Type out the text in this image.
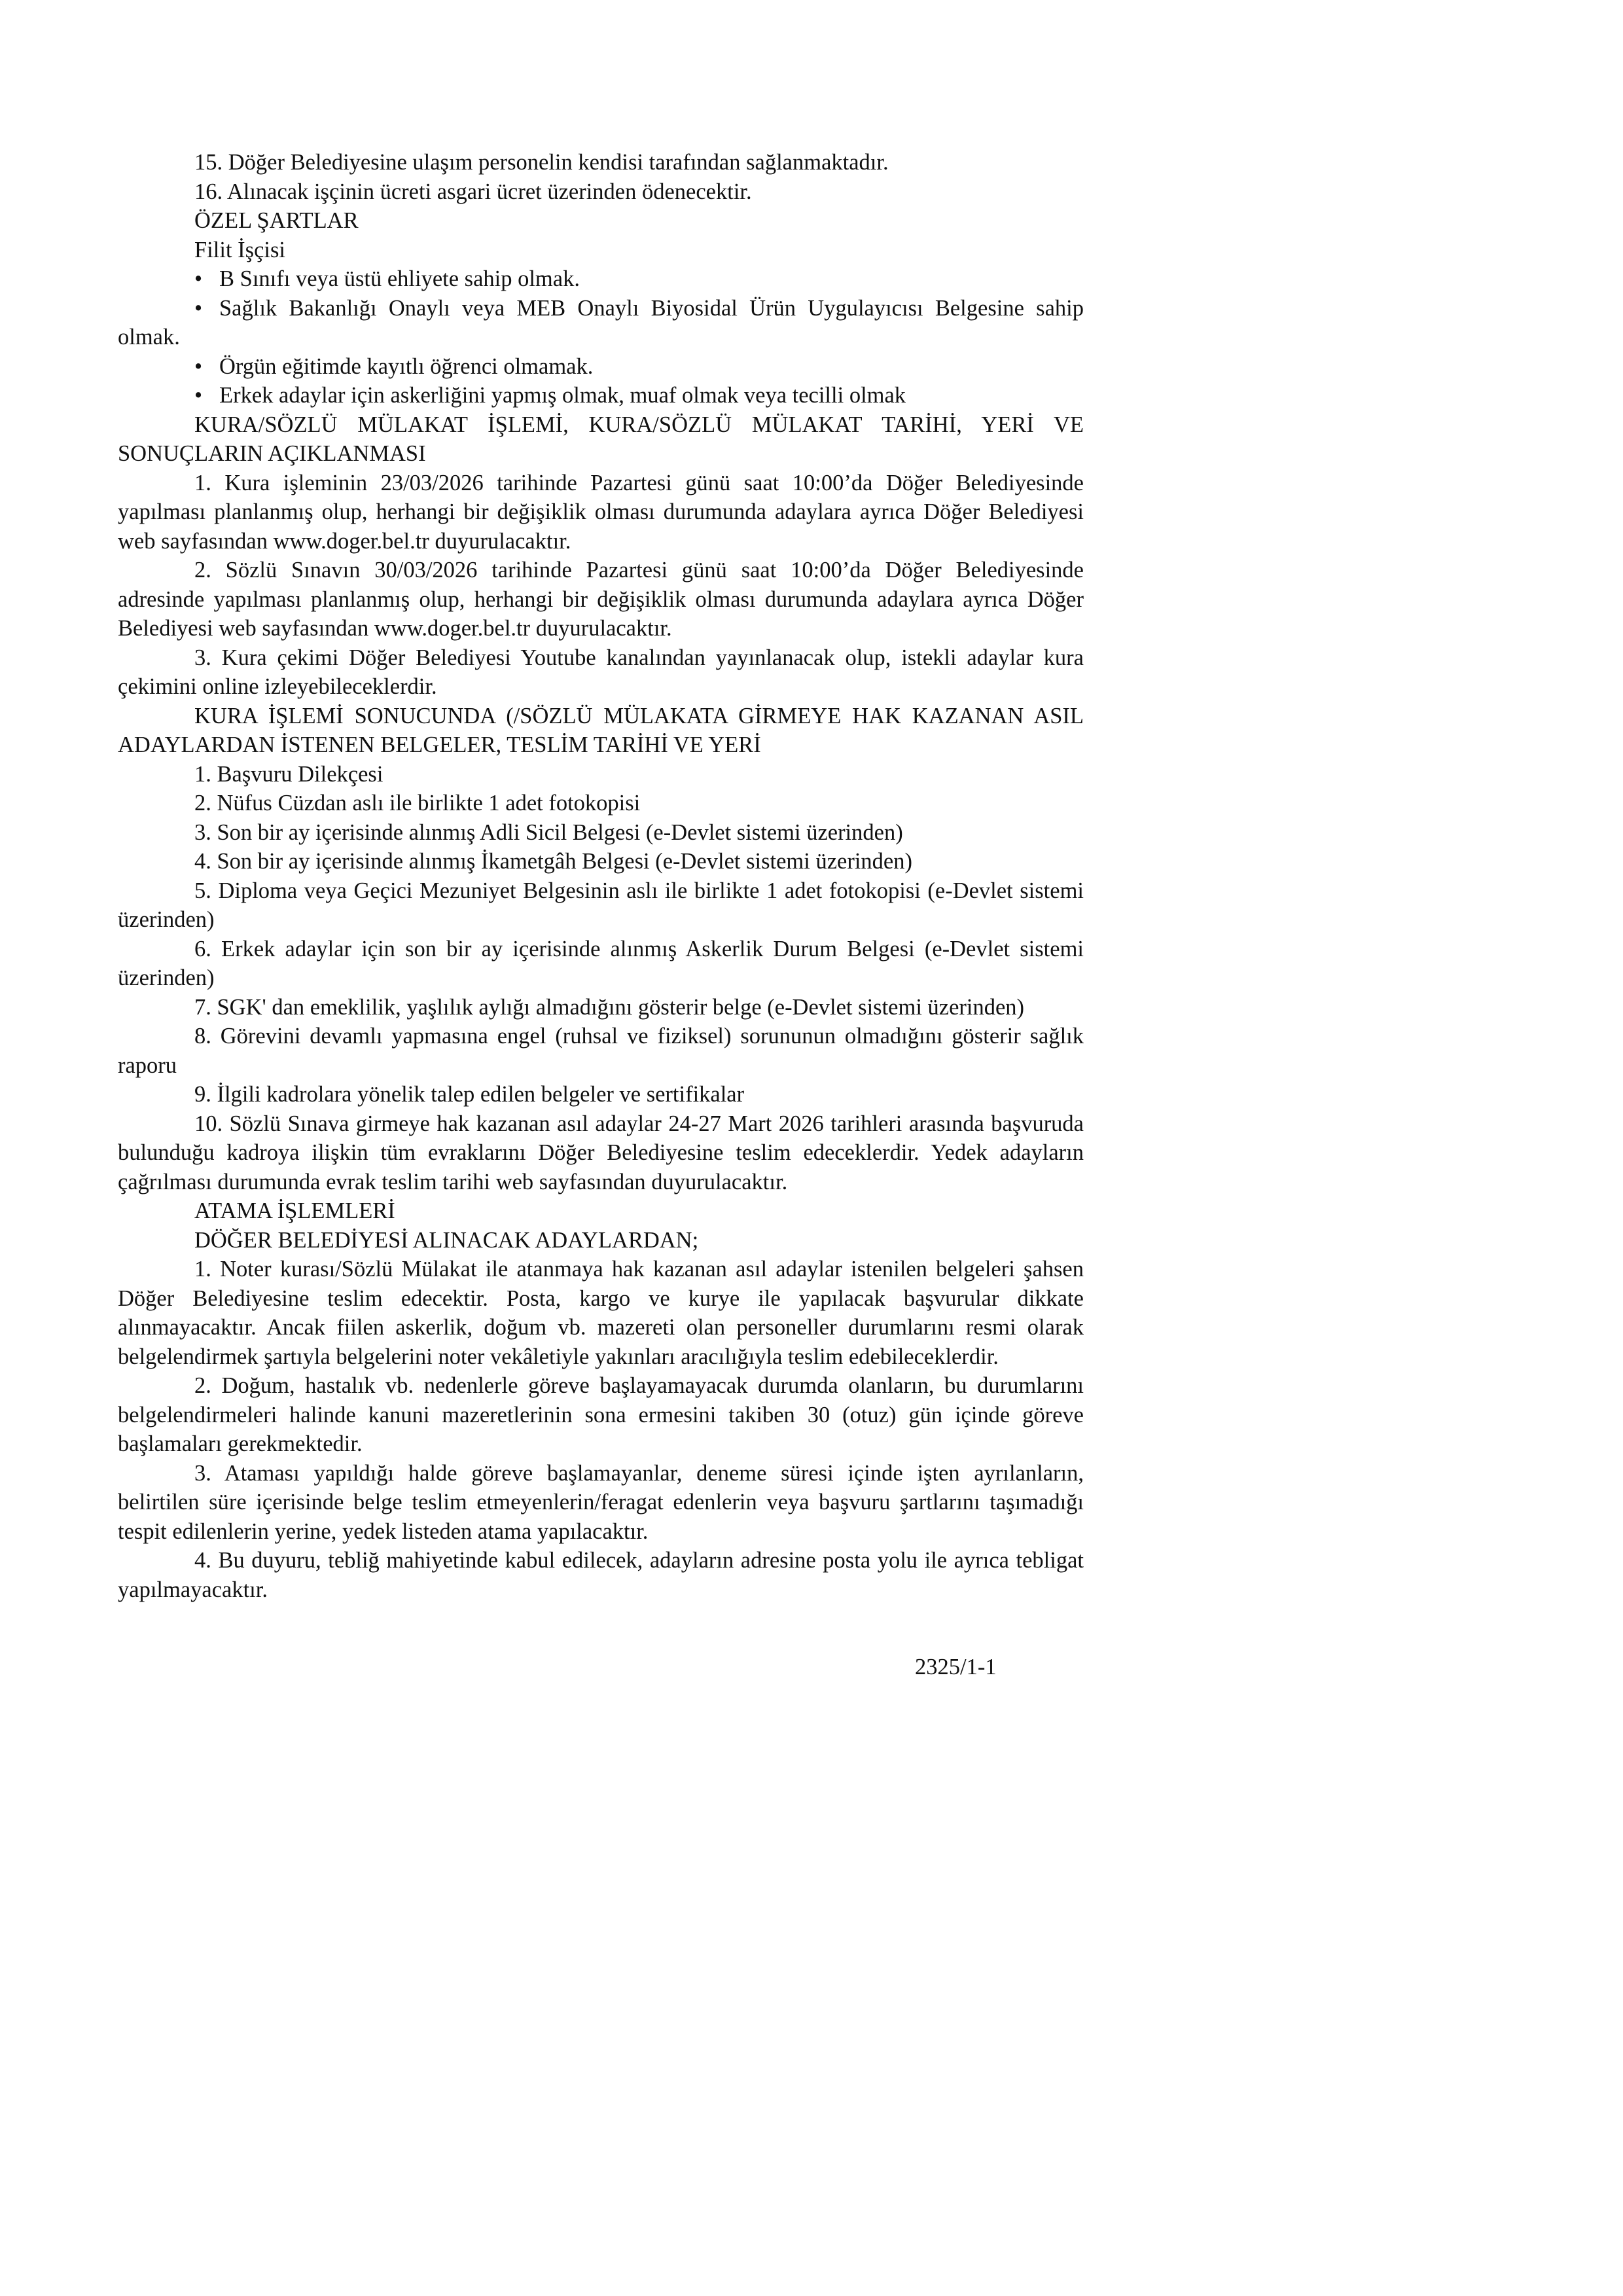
15. Döğer Belediyesine ulaşım personelin kendisi tarafından sağlanmaktadır.

16. Alınacak işçinin ücreti asgari ücret üzerinden ödenecektir.

ÖZEL ŞARTLAR

Filit İşçisi

• B Sınıfı veya üstü ehliyete sahip olmak.

• Sağlık Bakanlığı Onaylı veya MEB Onaylı Biyosidal Ürün Uygulayıcısı Belgesine sahip olmak.

• Örgün eğitimde kayıtlı öğrenci olmamak.

• Erkek adaylar için askerliğini yapmış olmak, muaf olmak veya tecilli olmak

KURA/SÖZLÜ MÜLAKAT İŞLEMİ, KURA/SÖZLÜ MÜLAKAT TARİHİ, YERİ VE SONUÇLARIN AÇIKLANMASI

1. Kura işleminin 23/03/2026 tarihinde Pazartesi günü saat 10:00’da Döğer Belediyesinde yapılması planlanmış olup, herhangi bir değişiklik olması durumunda adaylara ayrıca Döğer Belediyesi web sayfasından www.doger.bel.tr duyurulacaktır.

2. Sözlü Sınavın 30/03/2026 tarihinde Pazartesi günü saat 10:00’da Döğer Belediyesinde adresinde yapılması planlanmış olup, herhangi bir değişiklik olması durumunda adaylara ayrıca Döğer Belediyesi web sayfasından www.doger.bel.tr duyurulacaktır.

3. Kura çekimi Döğer Belediyesi Youtube kanalından yayınlanacak olup, istekli adaylar kura çekimini online izleyebileceklerdir.

KURA İŞLEMİ SONUCUNDA (/SÖZLÜ MÜLAKATA GİRMEYE HAK KAZANAN ASIL ADAYLARDAN İSTENEN BELGELER, TESLİM TARİHİ VE YERİ

1. Başvuru Dilekçesi

2. Nüfus Cüzdan aslı ile birlikte 1 adet fotokopisi

3. Son bir ay içerisinde alınmış Adli Sicil Belgesi (e-Devlet sistemi üzerinden)

4. Son bir ay içerisinde alınmış İkametgâh Belgesi (e-Devlet sistemi üzerinden)

5. Diploma veya Geçici Mezuniyet Belgesinin aslı ile birlikte 1 adet fotokopisi (e-Devlet sistemi üzerinden)

6. Erkek adaylar için son bir ay içerisinde alınmış Askerlik Durum Belgesi (e-Devlet sistemi üzerinden)

7. SGK' dan emeklilik, yaşlılık aylığı almadığını gösterir belge (e-Devlet sistemi üzerinden)

8. Görevini devamlı yapmasına engel (ruhsal ve fiziksel) sorununun olmadığını gösterir sağlık raporu

9. İlgili kadrolara yönelik talep edilen belgeler ve sertifikalar

10. Sözlü Sınava girmeye hak kazanan asıl adaylar 24-27 Mart 2026 tarihleri arasında başvuruda bulunduğu kadroya ilişkin tüm evraklarını Döğer Belediyesine teslim edeceklerdir. Yedek adayların çağrılması durumunda evrak teslim tarihi web sayfasından duyurulacaktır.

ATAMA İŞLEMLERİ

DÖĞER BELEDİYESİ ALINACAK ADAYLARDAN;

1. Noter kurası/Sözlü Mülakat ile atanmaya hak kazanan asıl adaylar istenilen belgeleri şahsen Döğer Belediyesine teslim edecektir. Posta, kargo ve kurye ile yapılacak başvurular dikkate alınmayacaktır. Ancak fiilen askerlik, doğum vb. mazereti olan personeller durumlarını resmi olarak belgelendirmek şartıyla belgelerini noter vekâletiyle yakınları aracılığıyla teslim edebileceklerdir.

2. Doğum, hastalık vb. nedenlerle göreve başlayamayacak durumda olanların, bu durumlarını belgelendirmeleri halinde kanuni mazeretlerinin sona ermesini takiben 30 (otuz) gün içinde göreve başlamaları gerekmektedir.

3. Ataması yapıldığı halde göreve başlamayanlar, deneme süresi içinde işten ayrılanların, belirtilen süre içerisinde belge teslim etmeyenlerin/feragat edenlerin veya başvuru şartlarını taşımadığı tespit edilenlerin yerine, yedek listeden atama yapılacaktır.

4. Bu duyuru, tebliğ mahiyetinde kabul edilecek, adayların adresine posta yolu ile ayrıca tebligat yapılmayacaktır.

2325/1-1
